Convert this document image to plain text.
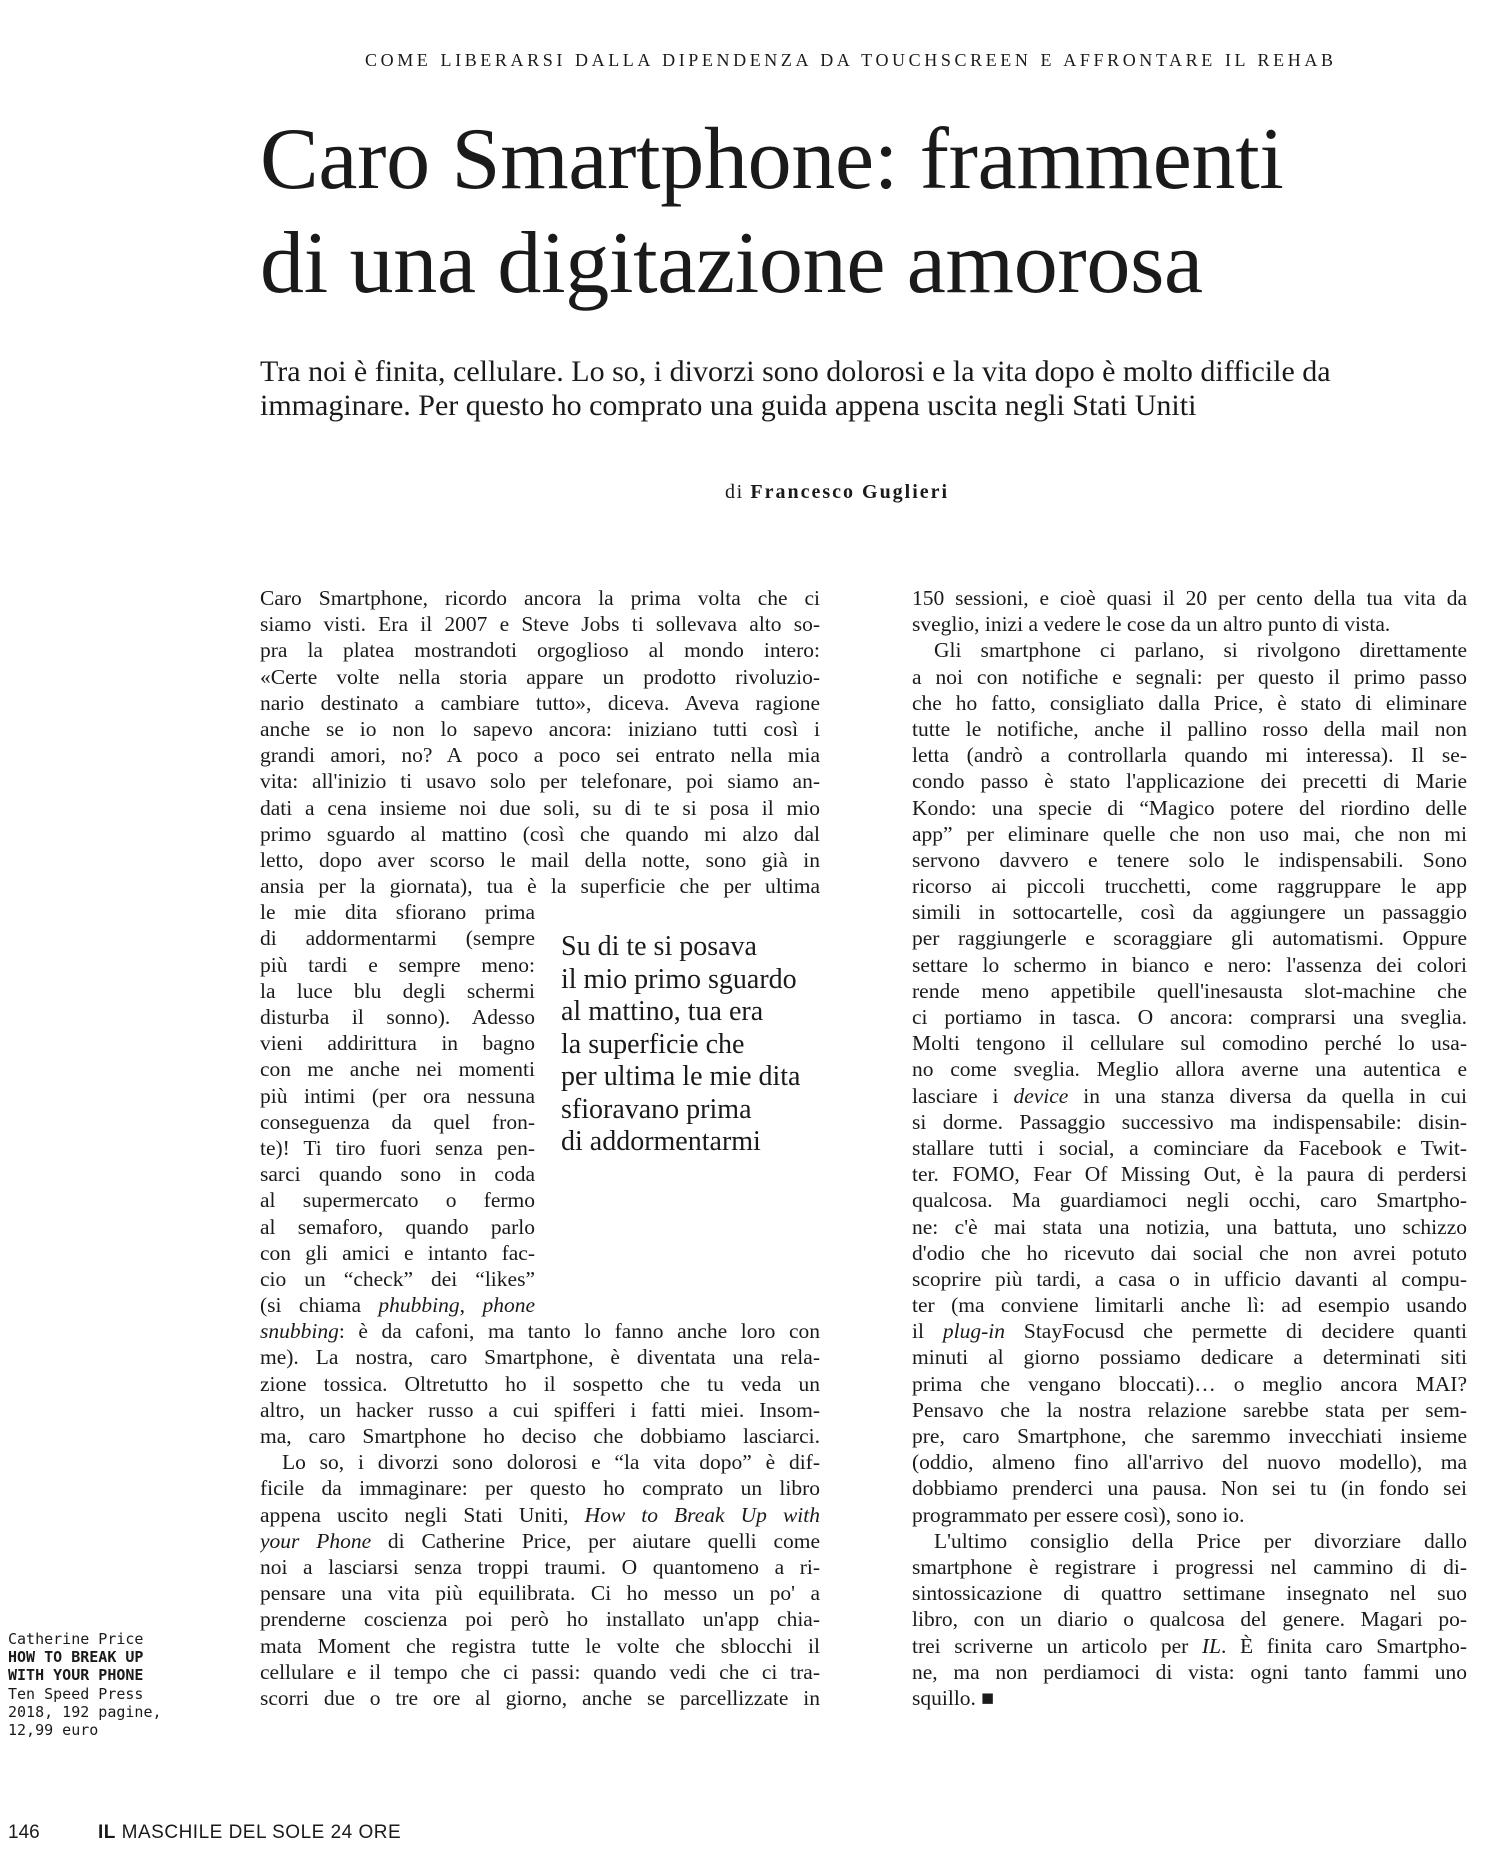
COME LIBERARSI DALLA DIPENDENZA DA TOUCHSCREEN E AFFRONTARE IL REHAB
Caro Smartphone: frammenti
di una digitazione amorosa

Tra noi è finita, cellulare. Lo so, i divorzi sono dolorosi e la vita dopo è molto difficile da
immaginare. Per questo ho comprato una guida appena uscita negli Stati Uniti

di Francesco Guglieri
Caro Smartphone, ricordo ancora la prima volta che ci
siamo visti. Era il 2007 e Steve Jobs ti sollevava alto so-
pra la platea mostrandoti orgoglioso al mondo intero:
«Certe volte nella storia appare un prodotto rivoluzio-
nario destinato a cambiare tutto», diceva. Aveva ragione
anche se io non lo sapevo ancora: iniziano tutti così i
grandi amori, no? A poco a poco sei entrato nella mia
vita: all'inizio ti usavo solo per telefonare, poi siamo an-
dati a cena insieme noi due soli, su di te si posa il mio
primo sguardo al mattino (così che quando mi alzo dal
letto, dopo aver scorso le mail della notte, sono già in
ansia per la giornata), tua è la superficie che per ultima
le mie dita sfiorano prima
di addormentarmi (sempre
più tardi e sempre meno:
la luce blu degli schermi
disturba il sonno). Adesso
vieni addirittura in bagno
con me anche nei momenti
più intimi (per ora nessuna
conseguenza da quel fron-
te)! Ti tiro fuori senza pen-
sarci quando sono in coda
al supermercato o fermo
al semaforo, quando parlo
con gli amici e intanto fac-
cio un “check” dei “likes”
(si chiama phubbing, phone
snubbing: è da cafoni, ma tanto lo fanno anche loro con
me). La nostra, caro Smartphone, è diventata una rela-
zione tossica. Oltretutto ho il sospetto che tu veda un
altro, un hacker russo a cui spifferi i fatti miei. Insom-
ma, caro Smartphone ho deciso che dobbiamo lasciarci.
Lo so, i divorzi sono dolorosi e “la vita dopo” è dif-
ficile da immaginare: per questo ho comprato un libro
appena uscito negli Stati Uniti, How to Break Up with
your Phone di Catherine Price, per aiutare quelli come
noi a lasciarsi senza troppi traumi. O quantomeno a ri-
pensare una vita più equilibrata. Ci ho messo un po' a
prenderne coscienza poi però ho installato un'app chia-
mata Moment che registra tutte le volte che sblocchi il
cellulare e il tempo che ci passi: quando vedi che ci tra-
scorri due o tre ore al giorno, anche se parcellizzate in
Su di te si posava
il mio primo sguardo
al mattino, tua era
la superficie che
per ultima le mie dita
sfioravano prima
di addormentarmi
150 sessioni, e cioè quasi il 20 per cento della tua vita da
sveglio, inizi a vedere le cose da un altro punto di vista.
Gli smartphone ci parlano, si rivolgono direttamente
a noi con notifiche e segnali: per questo il primo passo
che ho fatto, consigliato dalla Price, è stato di eliminare
tutte le notifiche, anche il pallino rosso della mail non
letta (andrò a controllarla quando mi interessa). Il se-
condo passo è stato l'applicazione dei precetti di Marie
Kondo: una specie di “Magico potere del riordino delle
app” per eliminare quelle che non uso mai, che non mi
servono davvero e tenere solo le indispensabili. Sono
ricorso ai piccoli trucchetti, come raggruppare le app
simili in sottocartelle, così da aggiungere un passaggio
per raggiungerle e scoraggiare gli automatismi. Oppure
settare lo schermo in bianco e nero: l'assenza dei colori
rende meno appetibile quell'inesausta slot-machine che
ci portiamo in tasca. O ancora: comprarsi una sveglia.
Molti tengono il cellulare sul comodino perché lo usa-
no come sveglia. Meglio allora averne una autentica e
lasciare i device in una stanza diversa da quella in cui
si dorme. Passaggio successivo ma indispensabile: disin-
stallare tutti i social, a cominciare da Facebook e Twit-
ter. FOMO, Fear Of Missing Out, è la paura di perdersi
qualcosa. Ma guardiamoci negli occhi, caro Smartpho-
ne: c'è mai stata una notizia, una battuta, uno schizzo
d'odio che ho ricevuto dai social che non avrei potuto
scoprire più tardi, a casa o in ufficio davanti al compu-
ter (ma conviene limitarli anche lì: ad esempio usando
il plug-in StayFocusd che permette di decidere quanti
minuti al giorno possiamo dedicare a determinati siti
prima che vengano bloccati)… o meglio ancora MAI?
Pensavo che la nostra relazione sarebbe stata per sem-
pre, caro Smartphone, che saremmo invecchiati insieme
(oddio, almeno fino all'arrivo del nuovo modello), ma
dobbiamo prenderci una pausa. Non sei tu (in fondo sei
programmato per essere così), sono io.
L'ultimo consiglio della Price per divorziare dallo
smartphone è registrare i progressi nel cammino di di-
sintossicazione di quattro settimane insegnato nel suo
libro, con un diario o qualcosa del genere. Magari po-
trei scriverne un articolo per IL. È finita caro Smartpho-
ne, ma non perdiamoci di vista: ogni tanto fammi uno
squillo. ■
Catherine Price
HOW TO BREAK UP
WITH YOUR PHONE
Ten Speed Press
2018, 192 pagine,
12,99 euro
146	IL MASCHILE DEL SOLE 24 ORE
